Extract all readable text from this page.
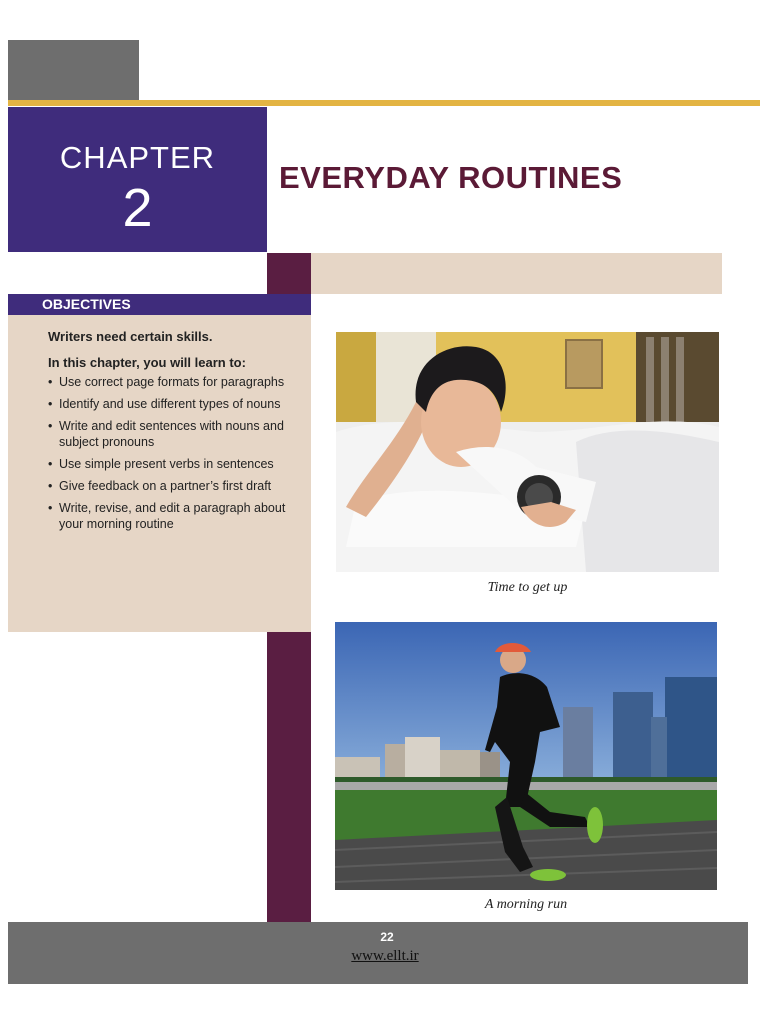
CHAPTER
2
EVERYDAY ROUTINES
OBJECTIVES
Writers need certain skills.
In this chapter, you will learn to:
• Use correct page formats for paragraphs
• Identify and use different types of nouns
• Write and edit sentences with nouns and subject pronouns
• Use simple present verbs in sentences
• Give feedback on a partner’s first draft
• Write, revise, and edit a paragraph about your morning routine
Time to get up
A morning run
22
www.ellt.ir
